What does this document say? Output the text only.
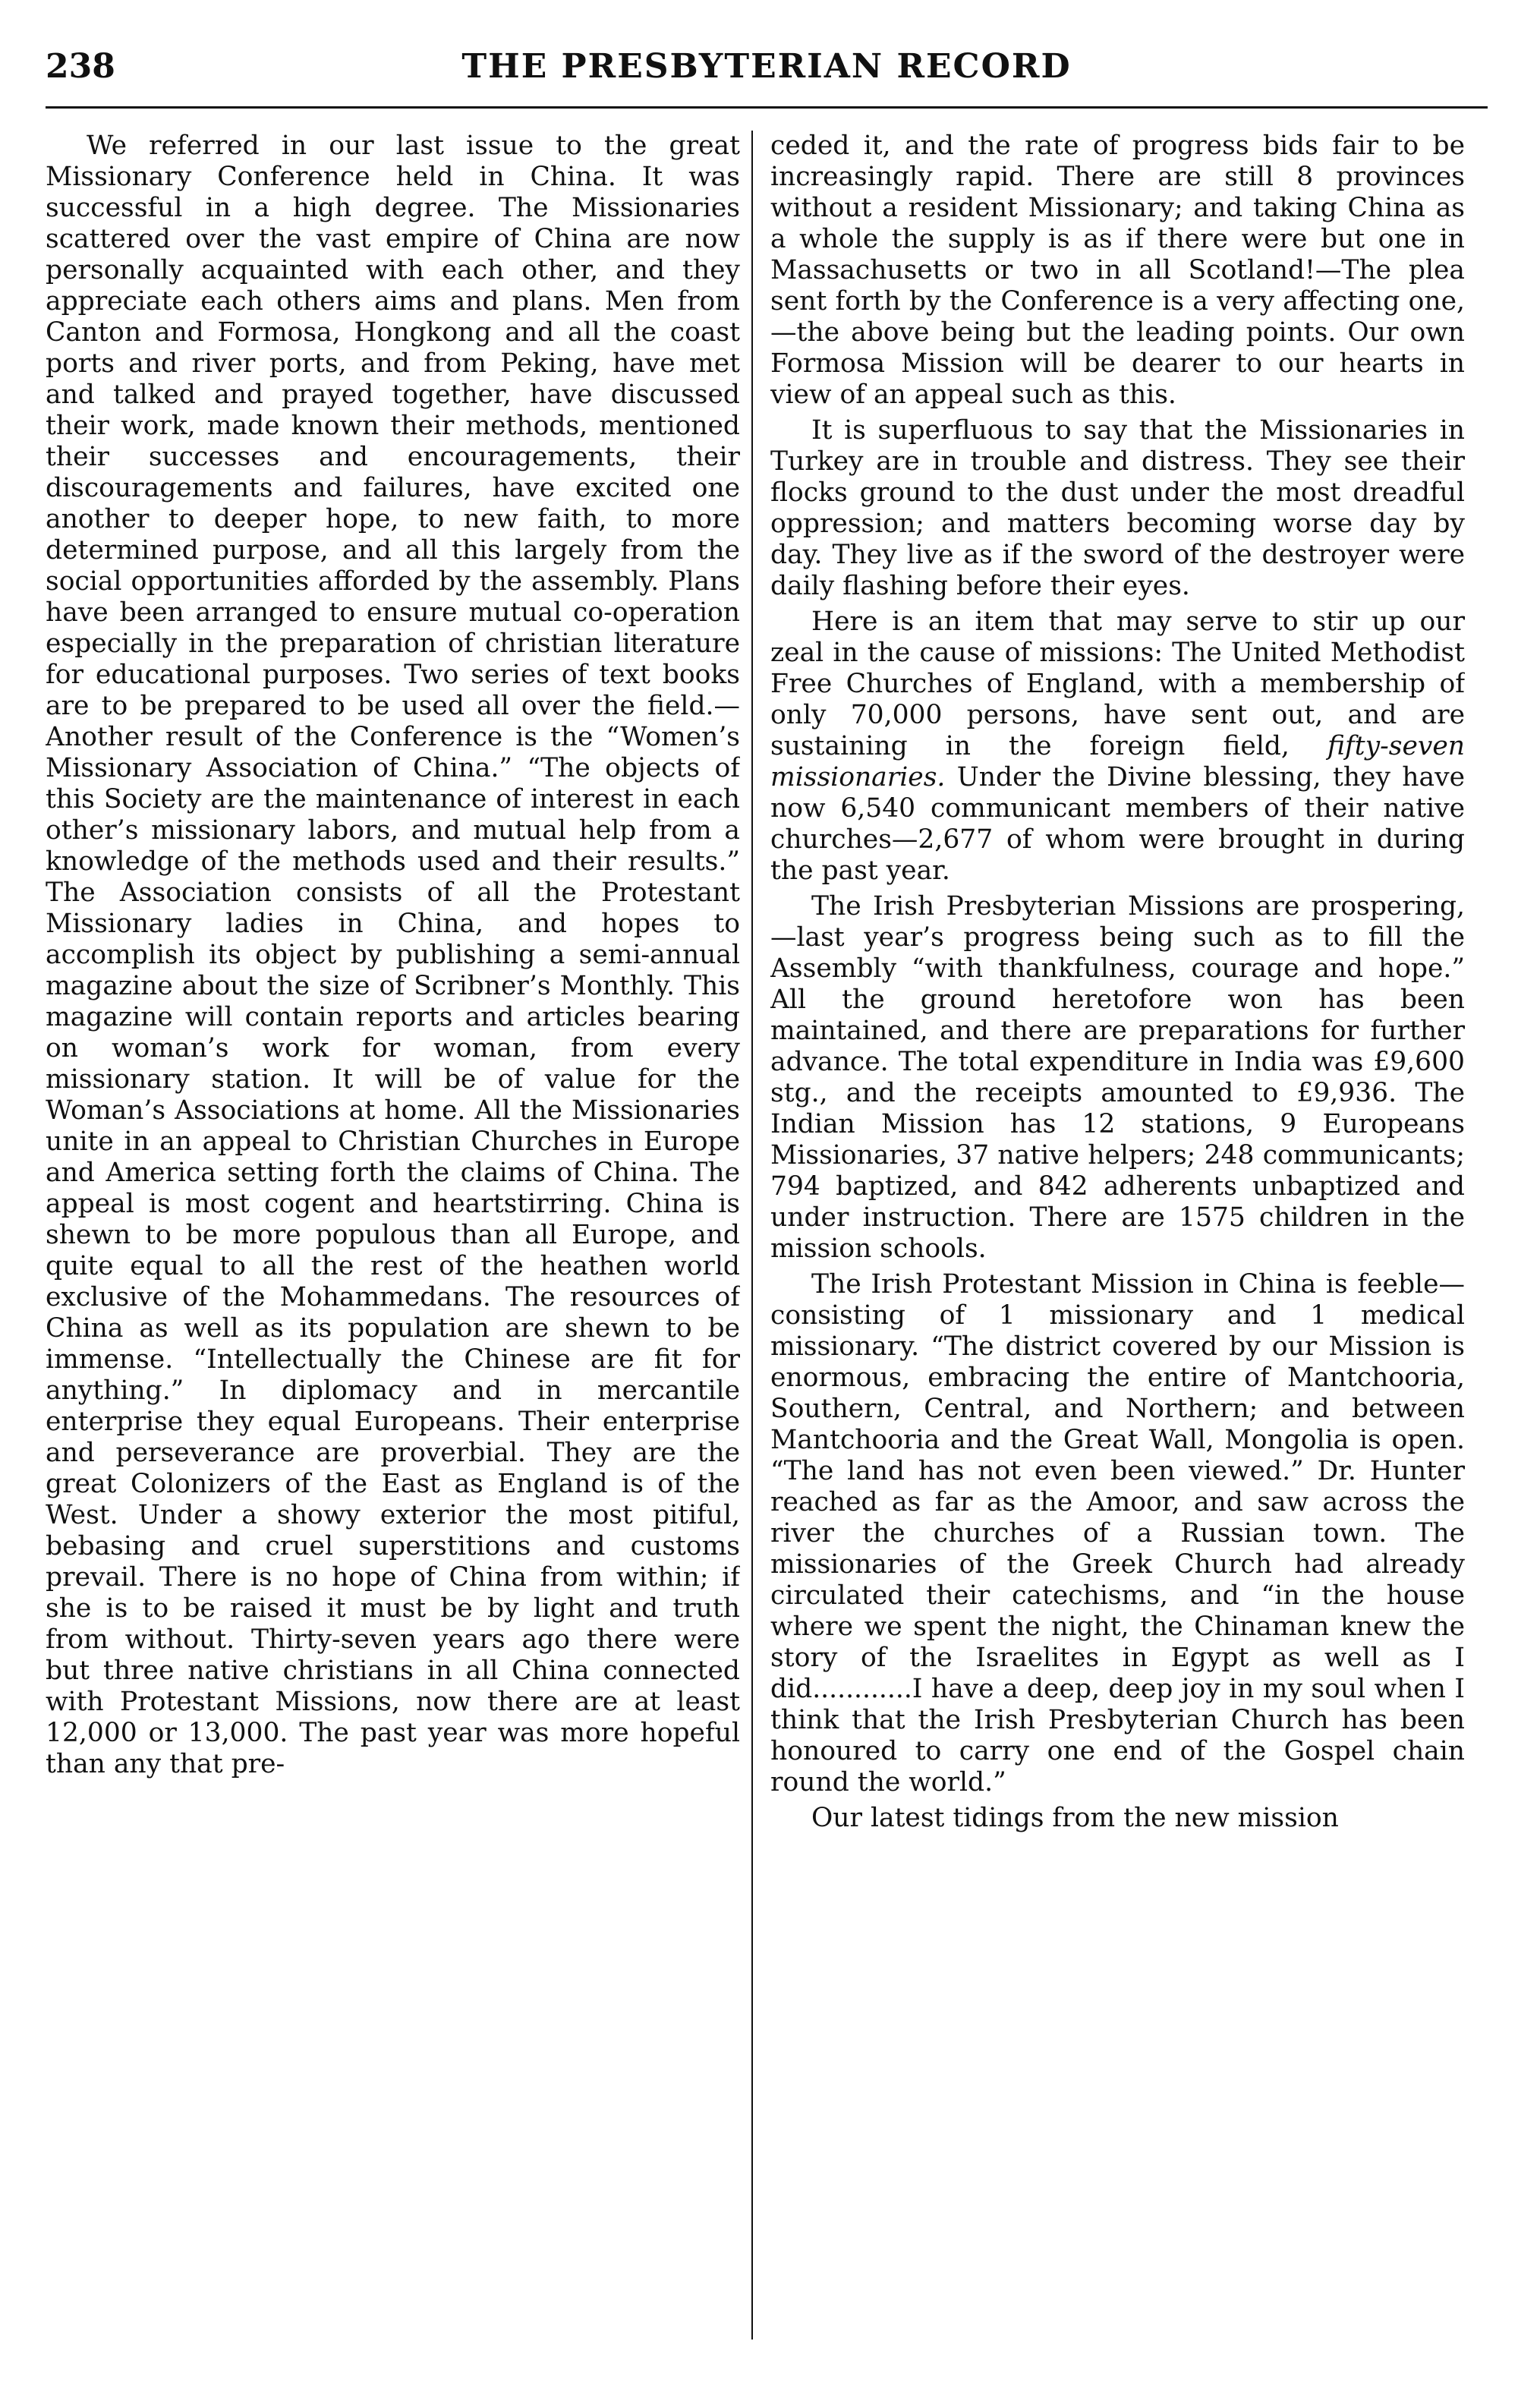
238	THE PRESBYTERIAN RECORD

We referred in our last issue to the great Missionary Conference held in China. It was successful in a high degree. The Missionaries scattered over the vast empire of China are now personally acquainted with each other, and they appreciate each others aims and plans. Men from Canton and Formosa, Hongkong and all the coast ports and river ports, and from Peking, have met and talked and prayed together, have discussed their work, made known their methods, mentioned their successes and encouragements, their discouragements and failures, have excited one another to deeper hope, to new faith, to more determined purpose, and all this largely from the social opportunities afforded by the assembly. Plans have been arranged to ensure mutual co-operation especially in the preparation of christian literature for educational purposes. Two series of text books are to be prepared to be used all over the field.—Another result of the Conference is the “Women’s Missionary Association of China.” “The objects of this Society are the maintenance of interest in each other’s missionary labors, and mutual help from a knowledge of the methods used and their results.” The Association consists of all the Protestant Missionary ladies in China, and hopes to accomplish its object by publishing a semi-annual magazine about the size of Scribner’s Monthly. This magazine will contain reports and articles bearing on woman’s work for woman, from every missionary station. It will be of value for the Woman’s Associations at home. All the Missionaries unite in an appeal to Christian Churches in Europe and America setting forth the claims of China. The appeal is most cogent and heartstirring. China is shewn to be more populous than all Europe, and quite equal to all the rest of the heathen world exclusive of the Mohammedans. The resources of China as well as its population are shewn to be immense. “Intellectually the Chinese are fit for anything.” In diplomacy and in mercantile enterprise they equal Europeans. Their enterprise and perseverance are proverbial. They are the great Colonizers of the East as England is of the West. Under a showy exterior the most pitiful, bebasing and cruel superstitions and customs prevail. There is no hope of China from within; if she is to be raised it must be by light and truth from without. Thirty-seven years ago there were but three native christians in all China connected with Protestant Missions, now there are at least 12,000 or 13,000. The past year was more hopeful than any that pre-

ceded it, and the rate of progress bids fair to be increasingly rapid. There are still 8 provinces without a resident Missionary; and taking China as a whole the supply is as if there were but one in Massachusetts or two in all Scotland!—The plea sent forth by the Conference is a very affecting one,—the above being but the leading points. Our own Formosa Mission will be dearer to our hearts in view of an appeal such as this.

It is superfluous to say that the Missionaries in Turkey are in trouble and distress. They see their flocks ground to the dust under the most dreadful oppression; and matters becoming worse day by day. They live as if the sword of the destroyer were daily flashing before their eyes.

Here is an item that may serve to stir up our zeal in the cause of missions: The United Methodist Free Churches of England, with a membership of only 70,000 persons, have sent out, and are sustaining in the foreign field, fifty-seven missionaries. Under the Divine blessing, they have now 6,540 communicant members of their native churches—2,677 of whom were brought in during the past year.

The Irish Presbyterian Missions are prospering,—last year’s progress being such as to fill the Assembly “with thankfulness, courage and hope.” All the ground heretofore won has been maintained, and there are preparations for further advance. The total expenditure in India was £9,600 stg., and the receipts amounted to £9,936. The Indian Mission has 12 stations, 9 Europeans Missionaries, 37 native helpers; 248 communicants; 794 baptized, and 842 adherents unbaptized and under instruction. There are 1575 children in the mission schools.

The Irish Protestant Mission in China is feeble—consisting of 1 missionary and 1 medical missionary. “The district covered by our Mission is enormous, embracing the entire of Mantchooria, Southern, Central, and Northern; and between Mantchooria and the Great Wall, Mongolia is open. “The land has not even been viewed.” Dr. Hunter reached as far as the Amoor, and saw across the river the churches of a Russian town. The missionaries of the Greek Church had already circulated their catechisms, and “in the house where we spent the night, the Chinaman knew the story of the Israelites in Egypt as well as I did............I have a deep, deep joy in my soul when I think that the Irish Presbyterian Church has been honoured to carry one end of the Gospel chain round the world.”

Our latest tidings from the new mission
